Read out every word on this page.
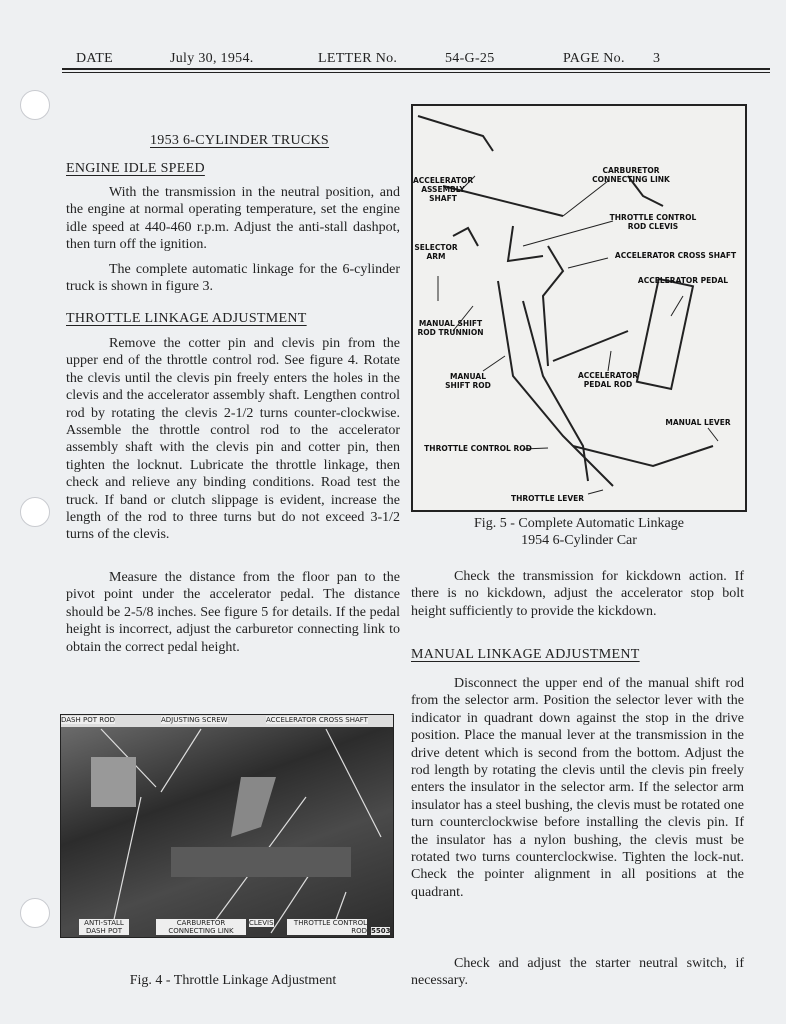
DATE	July 30, 1954.	LETTER No.	54-G-25	PAGE No. 3
1953 6-CYLINDER TRUCKS
ENGINE IDLE SPEED

With the transmission in the neutral position, and the engine at normal operating temperature, set the engine idle speed at 440-460 r.p.m. Adjust the anti-stall dashpot, then turn off the ignition.

The complete automatic linkage for the 6-cylinder truck is shown in figure 3.

THROTTLE LINKAGE ADJUSTMENT

Remove the cotter pin and clevis pin from the upper end of the throttle control rod. See figure 4. Rotate the clevis until the clevis pin freely enters the holes in the clevis and the accelerator assembly shaft. Lengthen control rod by rotating the clevis 2-1/2 turns counter-clockwise. Assemble the throttle control rod to the accelerator assembly shaft with the clevis pin and cotter pin, then tighten the locknut. Lubricate the throttle linkage, then check and relieve any binding conditions. Road test the truck. If band or clutch slippage is evident, increase the length of the rod to three turns but do not exceed 3-1/2 turns of the clevis.

Measure the distance from the floor pan to the pivot point under the accelerator pedal. The distance should be 2-5/8 inches. See figure 5 for details. If the pedal height is incorrect, adjust the carburetor connecting link to obtain the correct pedal height.

DASH POT ROD	ADJUSTING SCREW	ACCELERATOR CROSS SHAFT
ANTI-STALL DASH POT
CARBURETOR CONNECTING LINK
CLEVIS	THROTTLE CONTROL ROD 5503
Fig. 4 - Throttle Linkage Adjustment
ACCELERATOR ASSEMBLY SHAFT
CARBURETOR CONNECTING LINK
THROTTLE CONTROL ROD CLEVIS
SELECTOR ARM	ACCELERATOR CROSS SHAFT
ACCELERATOR PEDAL
MANUAL SHIFT ROD TRUNNION
MANUAL SHIFT ROD
ACCELERATOR PEDAL ROD
MANUAL LEVER
THROTTLE CONTROL ROD
THROTTLE LEVER
Fig. 5 - Complete Automatic Linkage
1954 6-Cylinder Car

Check the transmission for kickdown action. If there is no kickdown, adjust the accelerator stop bolt height sufficiently to provide the kickdown.

MANUAL LINKAGE ADJUSTMENT

Disconnect the upper end of the manual shift rod from the selector arm. Position the selector lever with the indicator in quadrant down against the stop in the drive position. Place the manual lever at the transmission in the drive detent which is second from the bottom. Adjust the rod length by rotating the clevis until the clevis pin freely enters the insulator in the selector arm. If the selector arm insulator has a steel bushing, the clevis must be rotated one turn counterclockwise before installing the clevis pin. If the insulator has a nylon bushing, the clevis must be rotated two turns counterclockwise. Tighten the lock-nut. Check the pointer alignment in all positions at the quadrant.

Check and adjust the starter neutral switch, if necessary.
